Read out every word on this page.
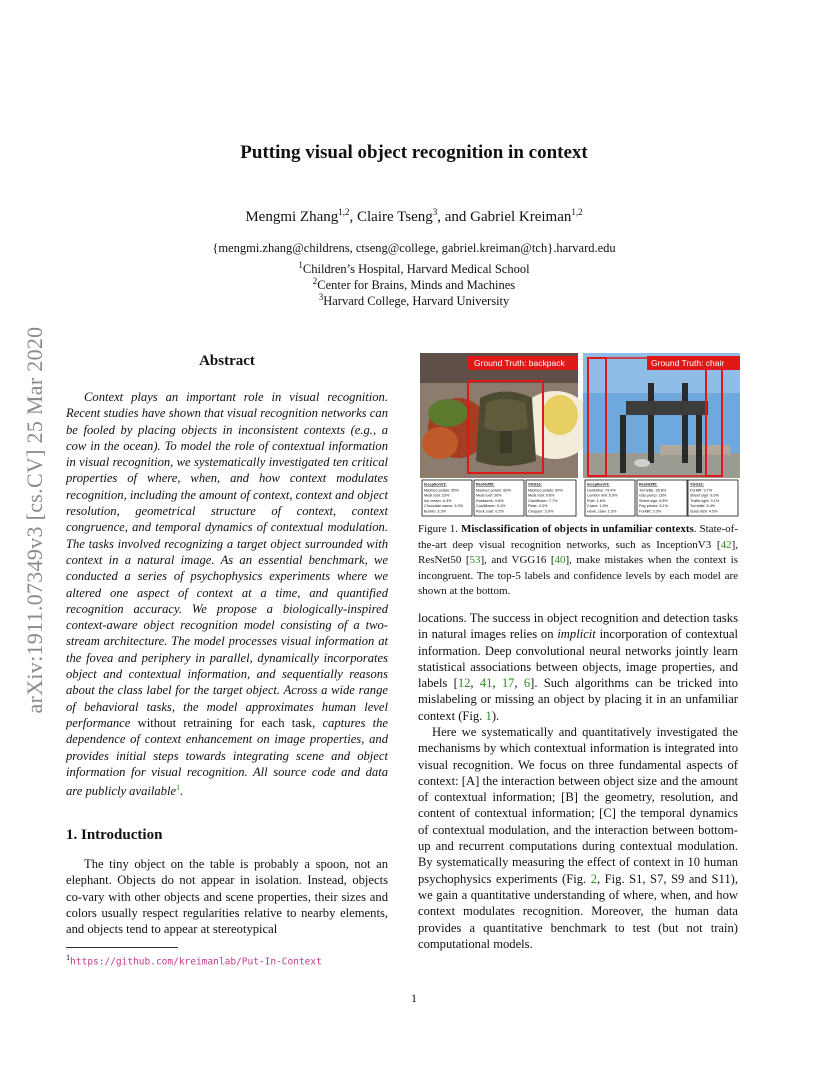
arXiv:1911.07349v3 [cs.CV] 25 Mar 2020
Putting visual object recognition in context
Mengmi Zhang$^{1,2}$, Claire Tseng$^3$, and Gabriel Kreiman$^{1,2}$
{mengmi.zhang@childrens, ctseng@college, gabriel.kreiman@tch}.harvard.edu
$^1$Children’s Hospital, Harvard Medical School
$^2$Center for Brains, Minds and Machines
$^3$Harvard College, Harvard University
Abstract
Context plays an important role in visual recognition. Recent studies have shown that visual recognition networks can be fooled by placing objects in inconsistent contexts (e.g., a cow in the ocean). To model the role of contextual information in visual recognition, we systematically investigated ten critical properties of where, when, and how context modulates recognition, including the amount of context, context and object resolution, geometrical structure of context, context congruence, and temporal dynamics of contextual modulation. The tasks involved recognizing a target object surrounded with context in a natural image. As an essential benchmark, we conducted a series of psychophysics experiments where we altered one aspect of context at a time, and quantified recognition accuracy. We propose a biologically-inspired context-aware object recognition model consisting of a two-stream architecture. The model processes visual information at the fovea and periphery in parallel, dynamically incorporates object and contextual information, and sequentially reasons about the class label for the target object. Across a wide range of behavioral tasks, the model approximates human level performance without retraining for each task, captures the dependence of context enhancement on image properties, and provides initial steps towards integrating scene and object information for visual recognition. All source code and data are publicly available$^1$.
1. Introduction
The tiny object on the table is probably a spoon, not an elephant. Objects do not appear in isolation. Instead, objects co-vary with other objects and scene properties, their sizes and colors usually respect regularities relative to nearby elements, and objects tend to appear at stereotypical
$^1$https://github.com/kreimanlab/Put-In-Context
Ground Truth: backpack	Ground Truth: chair
InceptionV3:
Mashed potato: 55%
Meat loaf: 23%
Ice cream: 6.3%
Chocolate sauce: 5.3%
Burrito: 3.3%
ResNet50:
Mashed potato: 60%
Meat loaf: 30%
Rotisserie: 0.6%
Cauliflower: 0.4%
Rock crab: 0.2%
VGG16:
Mashed potato: 60%
Meat loaf: 9.8%
Cauliflower: 7.7%
Plate: 4.3%
Chopper: 3.9%
InceptionV3:
Guillotine: 74.4%
Lumber mill: 5.9%
Pole: 1.6%
Crane: 1.6%
Hook, claw: 1.5%
ResNet50:
Turnstile: 35.8%
Gas pump: 16%
Street sign: 5.8%
Pay-phone: 5.1%
Forklift: 2.0%
VGG16:
Forklift: 9.7%
Street sign: 9.3%
Traffic light: 9.1%
Turnstile: 5.4%
Solar dish: 4.5%
Figure 1. Misclassification of objects in unfamiliar contexts. State-of-the-art deep visual recognition networks, such as InceptionV3 [42], ResNet50 [53], and VGG16 [40], make mistakes when the context is incongruent. The top-5 labels and confidence levels by each model are shown at the bottom.
locations. The success in object recognition and detection tasks in natural images relies on implicit incorporation of contextual information. Deep convolutional neural networks jointly learn statistical associations between objects, image properties, and labels [12, 41, 17, 6]. Such algorithms can be tricked into mislabeling or missing an object by placing it in an unfamiliar context (Fig. 1).
Here we systematically and quantitatively investigated the mechanisms by which contextual information is integrated into visual recognition. We focus on three fundamental aspects of context: [A] the interaction between object size and the amount of contextual information; [B] the geometry, resolution, and content of contextual information; [C] the temporal dynamics of contextual modulation, and the interaction between bottom-up and recurrent computations during contextual modulation. By systematically measuring the effect of context in 10 human psychophysics experiments (Fig. 2, Fig. S1, S7, S9 and S11), we gain a quantitative understanding of where, when, and how context modulates recognition. Moreover, the human data provides a quantitative benchmark to test (but not train) computational models.
1
